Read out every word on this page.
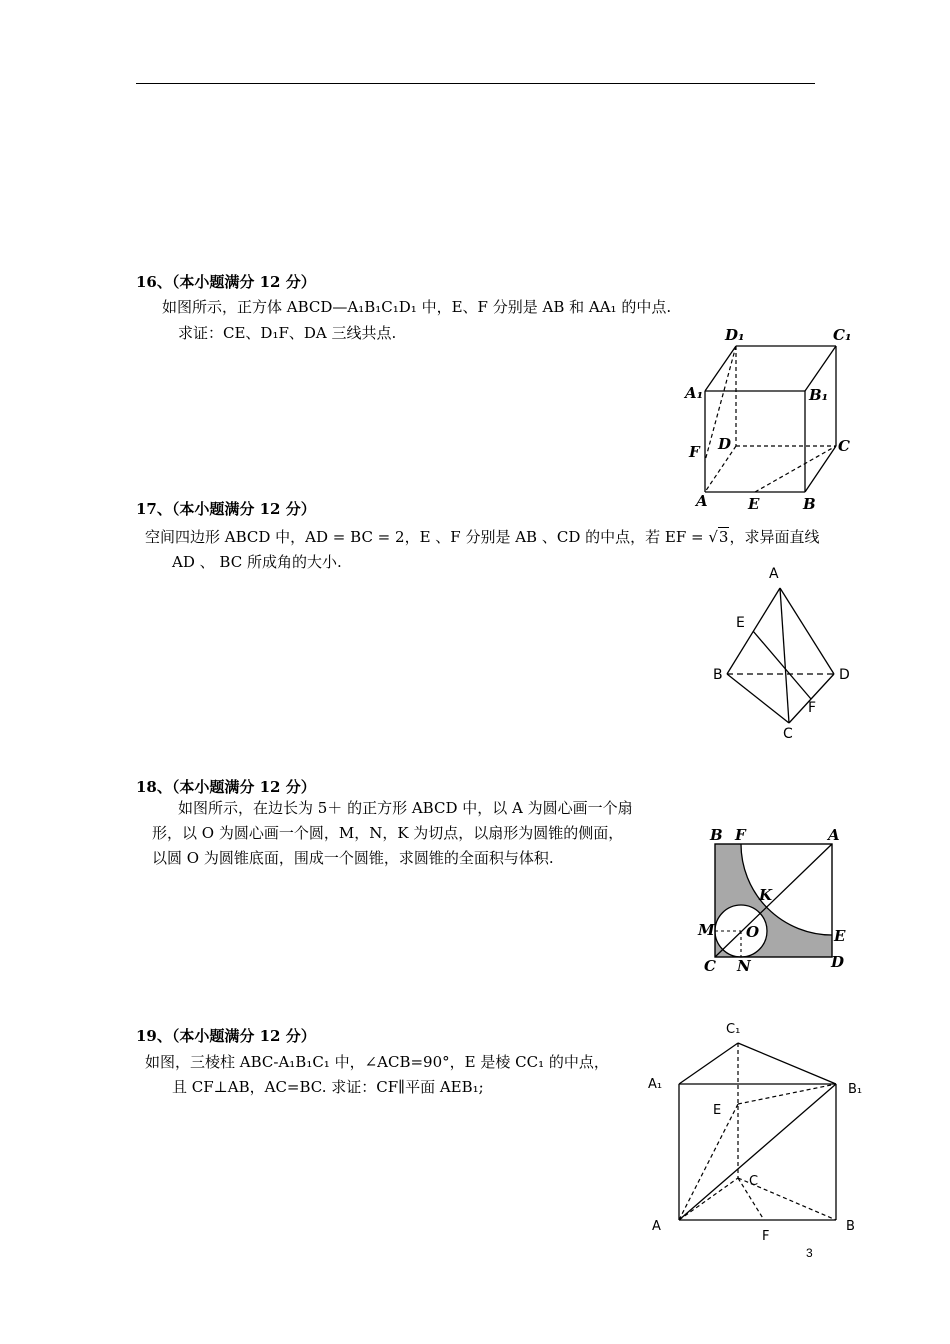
16、（本小题满分 12 分）
如图所示，正方体 ABCD—A₁B₁C₁D₁ 中，E、F 分别是 AB 和 AA₁ 的中点.
求证：CE、D₁F、DA 三线共点.	D₁	C₁
A₁	B₁
D	C
F
A	E	B
17、（本小题满分 12 分）
空间四边形 ABCD 中，AD = BC = 2，E 、F 分别是 AB 、CD 的中点，若 EF = √3，求异面直线
AD 、 BC 所成角的大小.
A
E
B	D
F
C
18、（本小题满分 12 分）
如图所示，在边长为 5＋ 的正方形 ABCD 中，以 A 为圆心画一个扇
形，以 O 为圆心画一个圆，M，N，K 为切点，以扇形为圆锥的侧面，
以圆 O 为圆锥底面，围成一个圆锥，求圆锥的全面积与体积.
B F	A
K
M O	E
C N	D
19、（本小题满分 12 分）
如图，三棱柱 ABC-A₁B₁C₁ 中，∠ACB=90°，E 是棱 CC₁ 的中点，
且 CF⊥AB，AC=BC. 求证：CF∥平面 AEB₁;
C₁
A₁	B₁
E
C
A	B
F
3
